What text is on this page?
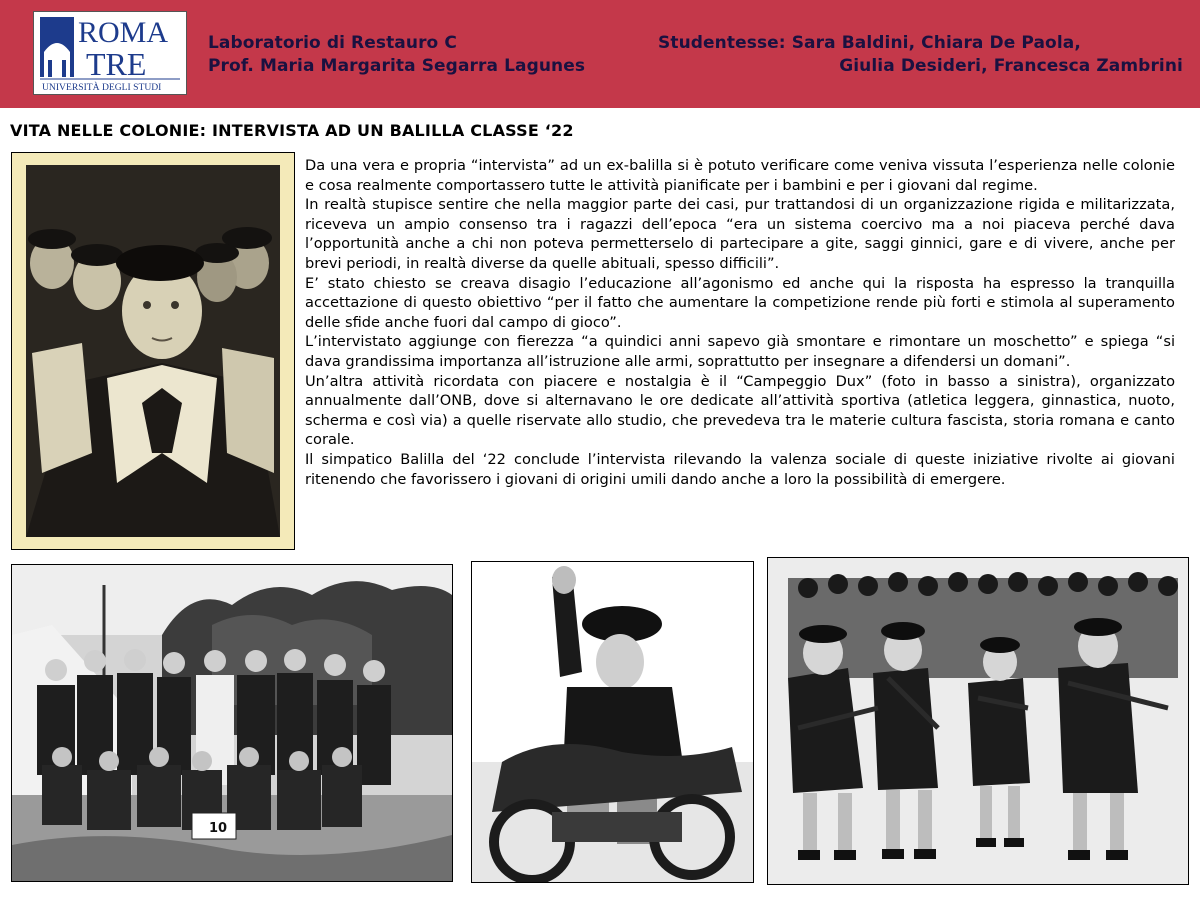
ROMA
TRE
UNIVERSITÀ DEGLI STUDI
Laboratorio di Restauro C
Prof. Maria Margarita Segarra Lagunes
Studentesse: Sara Baldini, Chiara De Paola,
Giulia Desideri, Francesca Zambrini
VITA NELLE COLONIE: INTERVISTA AD UN BALILLA CLASSE ‘22

Da una vera e propria “intervista” ad un ex-balilla si è potuto verificare come veniva vissuta l’esperienza nelle colonie e cosa realmente comportassero tutte le attività pianificate per i bambini e per i giovani dal regime.

In realtà stupisce sentire che nella maggior parte dei casi, pur trattandosi di un organizzazione rigida e militarizzata, riceveva un ampio consenso tra i ragazzi dell’epoca “era un sistema coercivo ma a noi piaceva perché dava l’opportunità anche a chi non poteva permetterselo di partecipare a gite, saggi ginnici, gare e di vivere, anche per brevi periodi, in realtà diverse da quelle abituali, spesso difficili”.

E’ stato chiesto se creava disagio l’educazione all’agonismo ed anche qui la risposta ha espresso la tranquilla accettazione di questo obiettivo “per il fatto che aumentare la competizione rende più forti e stimola al superamento delle sfide anche fuori dal campo di gioco”.

L’intervistato aggiunge con fierezza “a quindici anni sapevo già smontare e rimontare un moschetto” e spiega “si dava grandissima importanza all’istruzione alle armi, soprattutto per insegnare a difendersi un domani”.

Un’altra attività ricordata con piacere e nostalgia è il “Campeggio Dux” (foto in basso a sinistra), organizzato annualmente dall’ONB, dove si alternavano le ore dedicate all’attività sportiva (atletica leggera, ginnastica, nuoto, scherma e così via) a quelle riservate allo studio, che prevedeva tra le materie cultura fascista, storia romana e canto corale.

Il simpatico Balilla del ‘22 conclude l’intervista rilevando la valenza sociale di queste iniziative rivolte ai giovani ritenendo che favorissero i giovani di origini umili dando anche a loro la possibilità di emergere.

10
